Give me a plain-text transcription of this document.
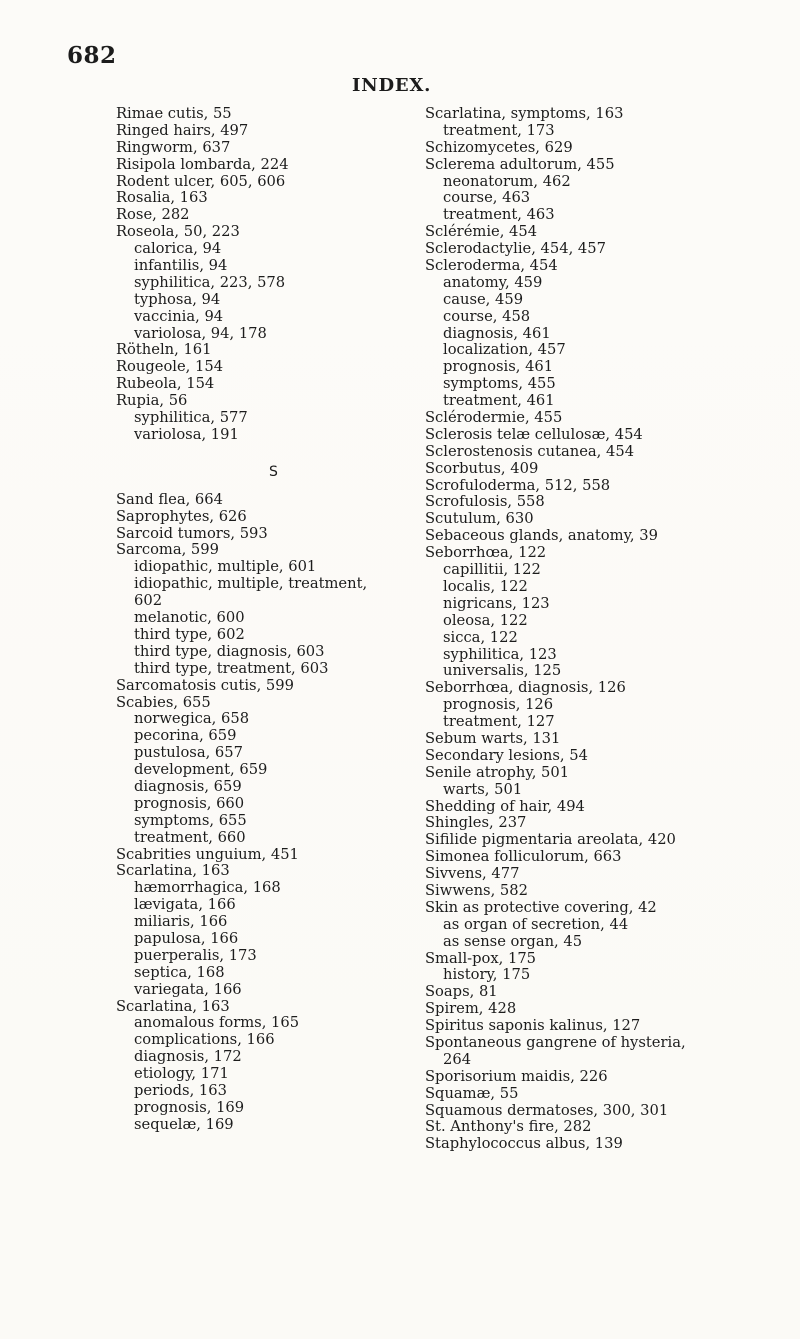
682
INDEX.
Rimae cutis, 55
Ringed hairs, 497
Ringworm, 637
Risipola lombarda, 224
Rodent ulcer, 605, 606
Rosalia, 163
Rose, 282
Roseola, 50, 223
calorica, 94
infantilis, 94
syphilitica, 223, 578
typhosa, 94
vaccinia, 94
variolosa, 94, 178
Rötheln, 161
Rougeole, 154
Rubeola, 154
Rupia, 56
syphilitica, 577
variolosa, 191
S
Sand flea, 664
Saprophytes, 626
Sarcoid tumors, 593
Sarcoma, 599
idiopathic, multiple, 601
idiopathic, multiple, treatment,
602
melanotic, 600
third type, 602
third type, diagnosis, 603
third type, treatment, 603
Sarcomatosis cutis, 599
Scabies, 655
norwegica, 658
pecorina, 659
pustulosa, 657
development, 659
diagnosis, 659
prognosis, 660
symptoms, 655
treatment, 660
Scabrities unguium, 451
Scarlatina, 163
hæmorrhagica, 168
lævigata, 166
miliaris, 166
papulosa, 166
puerperalis, 173
septica, 168
variegata, 166
Scarlatina, 163
anomalous forms, 165
complications, 166
diagnosis, 172
etiology, 171
periods, 163
prognosis, 169
sequelæ, 169
Scarlatina, symptoms, 163
treatment, 173
Schizomycetes, 629
Sclerema adultorum, 455
neonatorum, 462
course, 463
treatment, 463
Sclérémie, 454
Sclerodactylie, 454, 457
Scleroderma, 454
anatomy, 459
cause, 459
course, 458
diagnosis, 461
localization, 457
prognosis, 461
symptoms, 455
treatment, 461
Sclérodermie, 455
Sclerosis telæ cellulosæ, 454
Sclerostenosis cutanea, 454
Scorbutus, 409
Scrofuloderma, 512, 558
Scrofulosis, 558
Scutulum, 630
Sebaceous glands, anatomy, 39
Seborrhœa, 122
capillitii, 122
localis, 122
nigricans, 123
oleosa, 122
sicca, 122
syphilitica, 123
universalis, 125
Seborrhœa, diagnosis, 126
prognosis, 126
treatment, 127
Sebum warts, 131
Secondary lesions, 54
Senile atrophy, 501
warts, 501
Shedding of hair, 494
Shingles, 237
Sifilide pigmentaria areolata, 420
Simonea folliculorum, 663
Sivvens, 477
Siwwens, 582
Skin as protective covering, 42
as organ of secretion, 44
as sense organ, 45
Small-pox, 175
history, 175
Soaps, 81
Spirem, 428
Spiritus saponis kalinus, 127
Spontaneous gangrene of hysteria,
264
Sporisorium maidis, 226
Squamæ, 55
Squamous dermatoses, 300, 301
St. Anthony's fire, 282
Staphylococcus albus, 139
